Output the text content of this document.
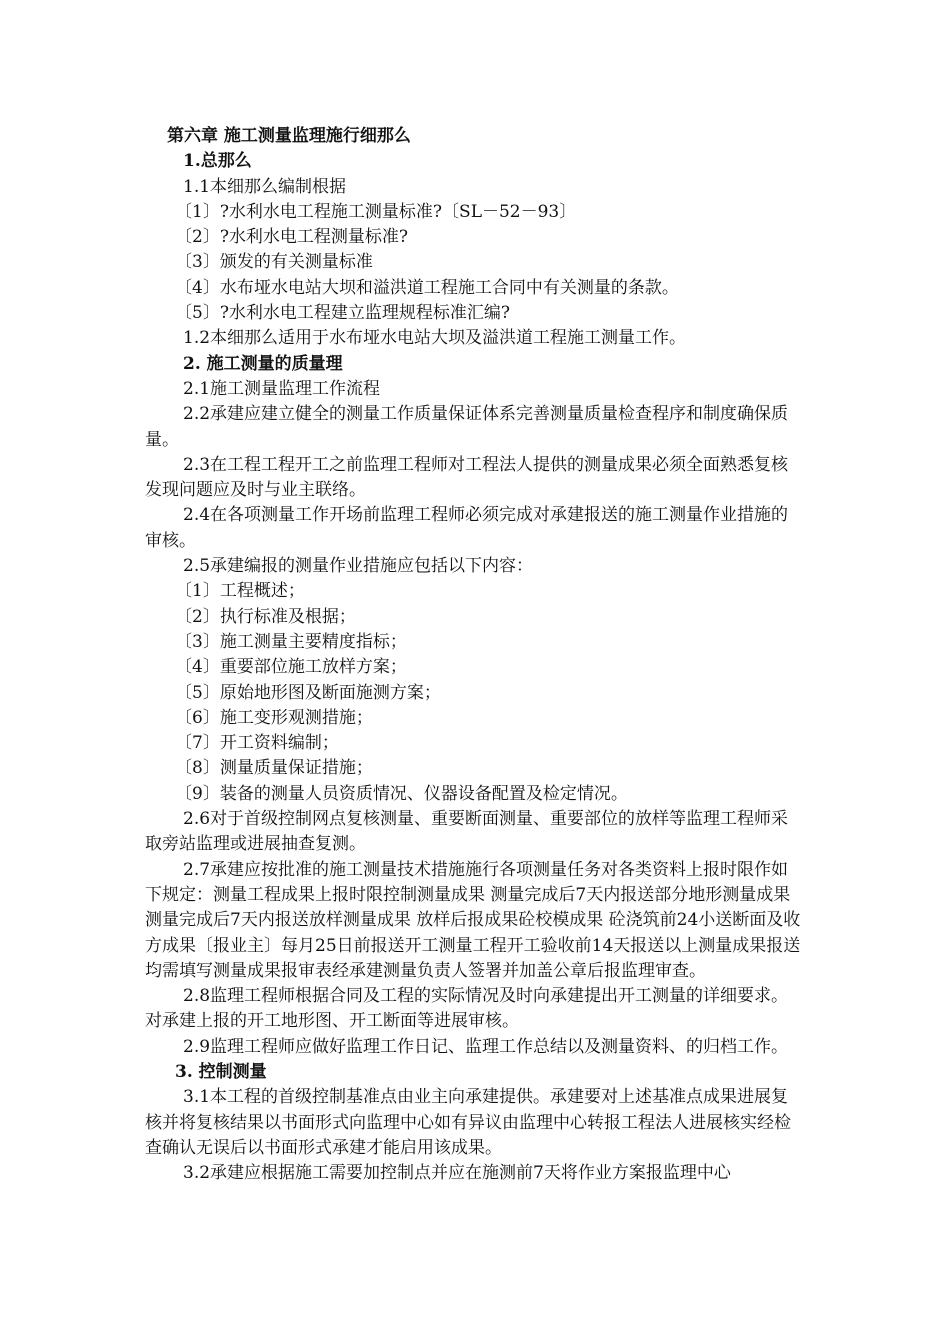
第六章 施工测量监理施行细那么

1.总那么

1.1本细那么编制根据

〔1〕?水利水电工程施工测量标准?〔SL－52－93〕

〔2〕?水利水电工程测量标准?

〔3〕颁发的有关测量标准

〔4〕水布垭水电站大坝和溢洪道工程施工合同中有关测量的条款。

〔5〕?水利水电工程建立监理规程标准汇编?

1.2本细那么适用于水布垭水电站大坝及溢洪道工程施工测量工作。

2. 施工测量的质量理

2.1施工测量监理工作流程

2.2承建应建立健全的测量工作质量保证体系完善测量质量检查程序和制度确保质量。

2.3在工程工程开工之前监理工程师对工程法人提供的测量成果必须全面熟悉复核发现问题应及时与业主联络。

2.4在各项测量工作开场前监理工程师必须完成对承建报送的施工测量作业措施的审核。

2.5承建编报的测量作业措施应包括以下内容：

〔1〕工程概述；

〔2〕执行标准及根据；

〔3〕施工测量主要精度指标；

〔4〕重要部位施工放样方案；

〔5〕原始地形图及断面施测方案；

〔6〕施工变形观测措施；

〔7〕开工资料编制；

〔8〕测量质量保证措施；

〔9〕装备的测量人员资质情况、仪器设备配置及检定情况。

2.6对于首级控制网点复核测量、重要断面测量、重要部位的放样等监理工程师采取旁站监理或进展抽查复测。

2.7承建应按批准的施工测量技术措施施行各项测量任务对各类资料上报时限作如下规定：测量工程成果上报时限控制测量成果 测量完成后7天内报送部分地形测量成果 测量完成后7天内报送放样测量成果 放样后报成果砼校模成果 砼浇筑前24小送断面及收方成果〔报业主〕每月25日前报送开工测量工程开工验收前14天报送以上测量成果报送均需填写测量成果报审表经承建测量负责人签署并加盖公章后报监理审查。

2.8监理工程师根据合同及工程的实际情况及时向承建提出开工测量的详细要求。对承建上报的开工地形图、开工断面等进展审核。

2.9监理工程师应做好监理工作日记、监理工作总结以及测量资料、的归档工作。

3. 控制测量

3.1本工程的首级控制基准点由业主向承建提供。承建要对上述基准点成果进展复核并将复核结果以书面形式向监理中心如有异议由监理中心转报工程法人进展核实经检查确认无误后以书面形式承建才能启用该成果。

3.2承建应根据施工需要加控制点并应在施测前7天将作业方案报监理中心
